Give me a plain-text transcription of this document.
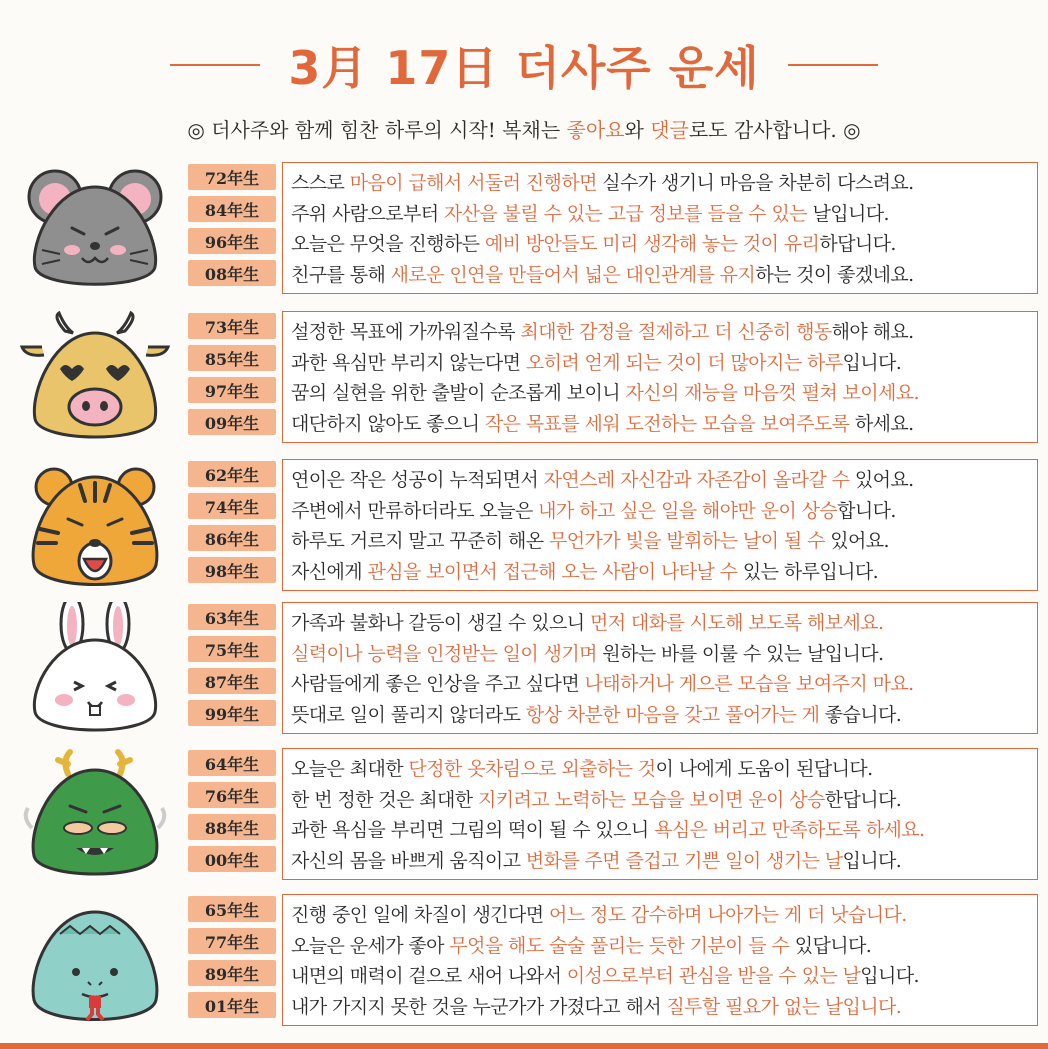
3月 17日 더사주 운세
◎ 더사주와 함께 힘찬 하루의 시작! 복채는 좋아요와 댓글로도 감사합니다. ◎
72年生
84年生
96年生
08年生
스스로 마음이 급해서 서둘러 진행하면 실수가 생기니 마음을 차분히 다스려요.
주위 사람으로부터 자산을 불릴 수 있는 고급 정보를 들을 수 있는 날입니다.
오늘은 무엇을 진행하든 예비 방안들도 미리 생각해 놓는 것이 유리하답니다.
친구를 통해 새로운 인연을 만들어서 넓은 대인관계를 유지하는 것이 좋겠네요.
73年生
85年生
97年生
09年生
설정한 목표에 가까워질수록 최대한 감정을 절제하고 더 신중히 행동해야 해요.
과한 욕심만 부리지 않는다면 오히려 얻게 되는 것이 더 많아지는 하루입니다.
꿈의 실현을 위한 출발이 순조롭게 보이니 자신의 재능을 마음껏 펼쳐 보이세요.
대단하지 않아도 좋으니 작은 목표를 세워 도전하는 모습을 보여주도록 하세요.
62年生
74年生
86年生
98年生
연이은 작은 성공이 누적되면서 자연스레 자신감과 자존감이 올라갈 수 있어요.
주변에서 만류하더라도 오늘은 내가 하고 싶은 일을 해야만 운이 상승합니다.
하루도 거르지 말고 꾸준히 해온 무언가가 빛을 발휘하는 날이 될 수 있어요.
자신에게 관심을 보이면서 접근해 오는 사람이 나타날 수 있는 하루입니다.
63年生
75年生
87年生
99年生
가족과 불화나 갈등이 생길 수 있으니 먼저 대화를 시도해 보도록 해보세요.
실력이나 능력을 인정받는 일이 생기며 원하는 바를 이룰 수 있는 날입니다.
사람들에게 좋은 인상을 주고 싶다면 나태하거나 게으른 모습을 보여주지 마요.
뜻대로 일이 풀리지 않더라도 항상 차분한 마음을 갖고 풀어가는 게 좋습니다.
64年生
76年生
88年生
00年生
오늘은 최대한 단정한 옷차림으로 외출하는 것이 나에게 도움이 된답니다.
한 번 정한 것은 최대한 지키려고 노력하는 모습을 보이면 운이 상승한답니다.
과한 욕심을 부리면 그림의 떡이 될 수 있으니 욕심은 버리고 만족하도록 하세요.
자신의 몸을 바쁘게 움직이고 변화를 주면 즐겁고 기쁜 일이 생기는 날입니다.
65年生
77年生
89年生
01年生
진행 중인 일에 차질이 생긴다면 어느 정도 감수하며 나아가는 게 더 낫습니다.
오늘은 운세가 좋아 무엇을 해도 술술 풀리는 듯한 기분이 들 수 있답니다.
내면의 매력이 겉으로 새어 나와서 이성으로부터 관심을 받을 수 있는 날입니다.
내가 가지지 못한 것을 누군가가 가졌다고 해서 질투할 필요가 없는 날입니다.
